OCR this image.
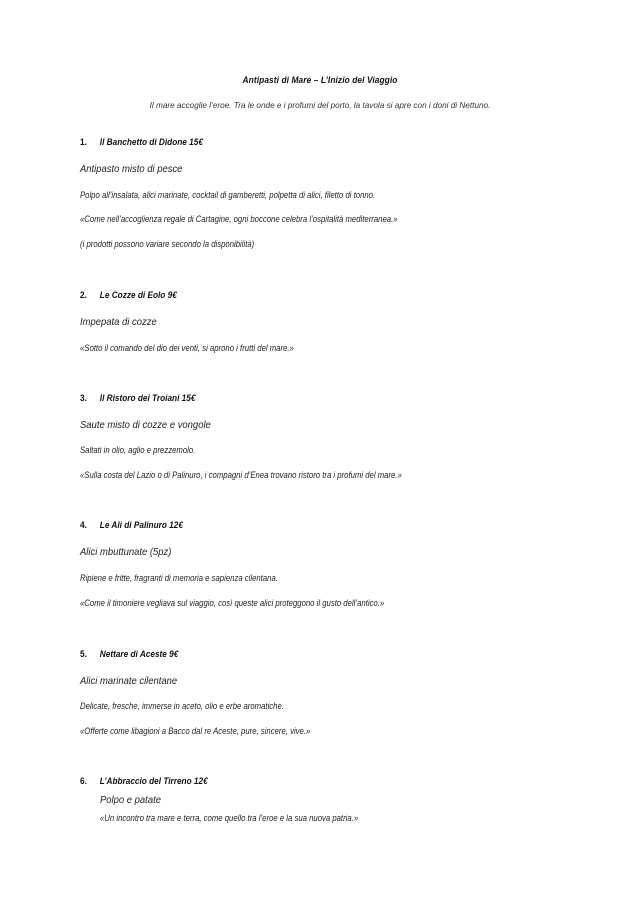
Antipasti di Mare – L’Inizio del Viaggio
Il mare accoglie l’eroe. Tra le onde e i profumi del porto, la tavola si apre con i doni di Nettuno.
1. Il Banchetto di Didone 15€
Antipasto misto di pesce
Polpo all’insalata, alici marinate, cocktail di gamberetti, polpetta di alici, filetto di tonno.
«Come nell’accoglienza regale di Cartagine, ogni boccone celebra l’ospitalità mediterranea.»
(i prodotti possono variare secondo la disponibilità)
2. Le Cozze di Eolo 9€
Impepata di cozze
«Sotto il comando del dio dei venti, si aprono i frutti del mare.»
3. Il Ristoro dei Troiani 15€
Saute misto di cozze e vongole
Saltati in olio, aglio e prezzemolo.
«Sulla costa del Lazio o di Palinuro, i compagni d’Enea trovano ristoro tra i profumi del mare.»
4. Le Ali di Palinuro 12€
Alici mbuttunate (5pz)
Ripiene e fritte, fragranti di memoria e sapienza cilentana.
«Come il timoniere vegliava sul viaggio, così queste alici proteggono il gusto dell’antico.»
5. Nettare di Aceste 9€
Alici marinate cilentane
Delicate, fresche, immerse in aceto, olio e erbe aromatiche.
«Offerte come libagioni a Bacco dal re Aceste, pure, sincere, vive.»
6. L’Abbraccio del Tirreno 12€
Polpo e patate
«Un incontro tra mare e terra, come quello tra l’eroe e la sua nuova patria.»
